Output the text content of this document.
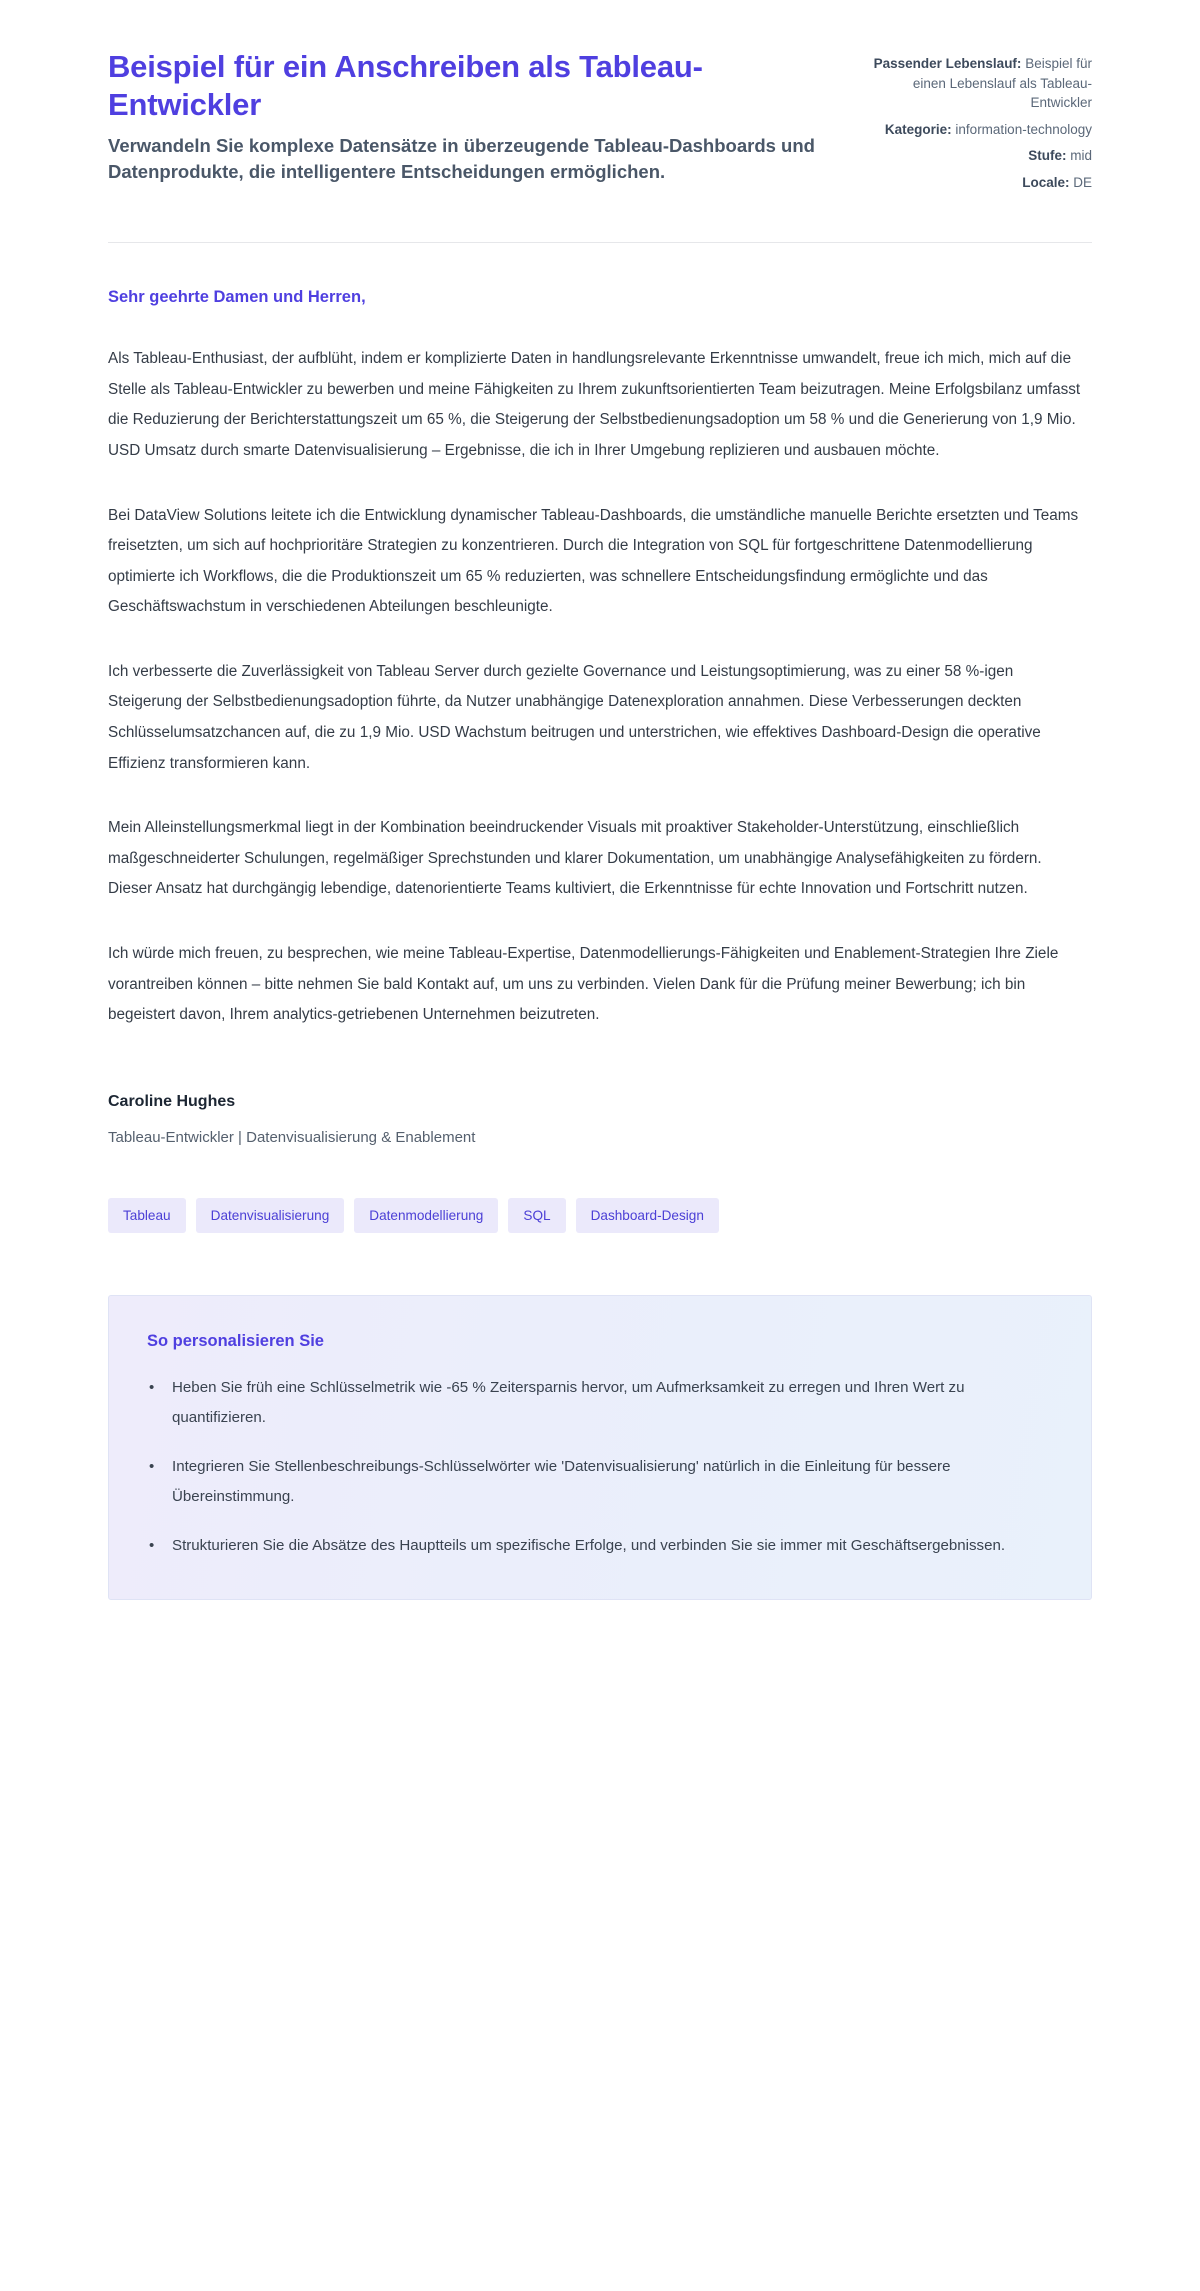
Beispiel für ein Anschreiben als Tableau-Entwickler

Verwandeln Sie komplexe Datensätze in überzeugende Tableau-Dashboards und Datenprodukte, die intelligentere Entscheidungen ermöglichen.

Passender Lebenslauf: Beispiel für einen Lebenslauf als Tableau-Entwickler
Kategorie: information-technology
Stufe: mid
Locale: DE

Sehr geehrte Damen und Herren,

Als Tableau-Enthusiast, der aufblüht, indem er komplizierte Daten in handlungsrelevante Erkenntnisse umwandelt, freue ich mich, mich auf die Stelle als Tableau-Entwickler zu bewerben und meine Fähigkeiten zu Ihrem zukunftsorientierten Team beizutragen. Meine Erfolgsbilanz umfasst die Reduzierung der Berichterstattungszeit um 65 %, die Steigerung der Selbstbedienungsadoption um 58 % und die Generierung von 1,9 Mio. USD Umsatz durch smarte Datenvisualisierung – Ergebnisse, die ich in Ihrer Umgebung replizieren und ausbauen möchte.

Bei DataView Solutions leitete ich die Entwicklung dynamischer Tableau-Dashboards, die umständliche manuelle Berichte ersetzten und Teams freisetzten, um sich auf hochprioritäre Strategien zu konzentrieren. Durch die Integration von SQL für fortgeschrittene Datenmodellierung optimierte ich Workflows, die die Produktionszeit um 65 % reduzierten, was schnellere Entscheidungsfindung ermöglichte und das Geschäftswachstum in verschiedenen Abteilungen beschleunigte.

Ich verbesserte die Zuverlässigkeit von Tableau Server durch gezielte Governance und Leistungsoptimierung, was zu einer 58 %-igen Steigerung der Selbstbedienungsadoption führte, da Nutzer unabhängige Datenexploration annahmen. Diese Verbesserungen deckten Schlüsselumsatzchancen auf, die zu 1,9 Mio. USD Wachstum beitrugen und unterstrichen, wie effektives Dashboard-Design die operative Effizienz transformieren kann.

Mein Alleinstellungsmerkmal liegt in der Kombination beeindruckender Visuals mit proaktiver Stakeholder-Unterstützung, einschließlich maßgeschneiderter Schulungen, regelmäßiger Sprechstunden und klarer Dokumentation, um unabhängige Analysefähigkeiten zu fördern. Dieser Ansatz hat durchgängig lebendige, datenorientierte Teams kultiviert, die Erkenntnisse für echte Innovation und Fortschritt nutzen.

Ich würde mich freuen, zu besprechen, wie meine Tableau-Expertise, Datenmodellierungs-Fähigkeiten und Enablement-Strategien Ihre Ziele vorantreiben können – bitte nehmen Sie bald Kontakt auf, um uns zu verbinden. Vielen Dank für die Prüfung meiner Bewerbung; ich bin begeistert davon, Ihrem analytics-getriebenen Unternehmen beizutreten.

Caroline Hughes

Tableau-Entwickler | Datenvisualisierung & Enablement

Tableau	Datenvisualisierung	Datenmodellierung	SQL	Dashboard-Design
So personalisieren Sie
• Heben Sie früh eine Schlüsselmetrik wie -65 % Zeitersparnis hervor, um Aufmerksamkeit zu erregen und Ihren Wert zu quantifizieren.
• Integrieren Sie Stellenbeschreibungs-Schlüsselwörter wie 'Datenvisualisierung' natürlich in die Einleitung für bessere Übereinstimmung.
• Strukturieren Sie die Absätze des Hauptteils um spezifische Erfolge, und verbinden Sie sie immer mit Geschäftsergebnissen.
